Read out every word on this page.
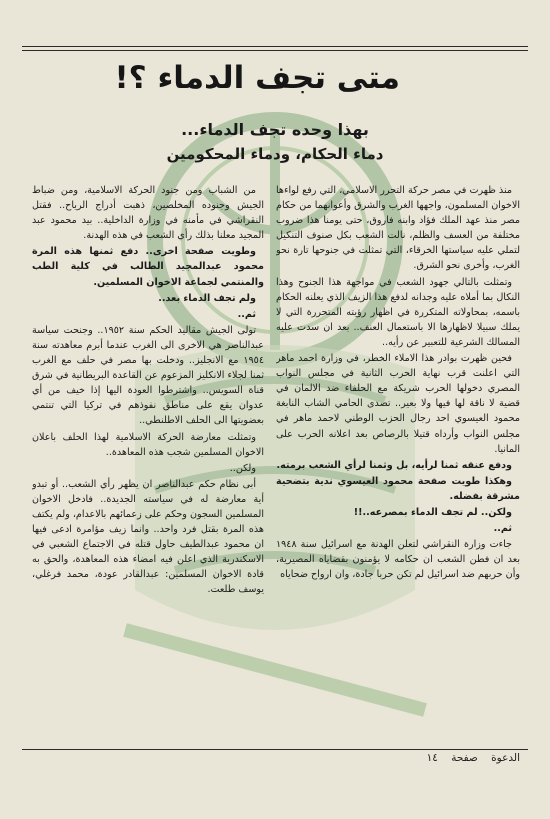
متى تجف الدماء ؟!
بهذا وحده تجف الدماء...
دماء الحكام، ودماء المحكومين

منذ ظهرت في مصر حركة التحرر الاسلامي، التي رفع لواءها الاخوان المسلمون، واجهها الغرب والشرق وأعوانهما من حكام مصر منذ عهد الملك فؤاد وابنه فاروق، حتى يومنا هذا ضروب مختلفة من العسف والظلم، نالت الشعب بكل صنوف التنكيل لتملي عليه سياستها الخرقاء، التي تمثلت في جنوحها تارة نحو الغرب، وأخرى نحو الشرق.

وتمثلت بالتالي جهود الشعب في مواجهة هذا الجنوح وهذا النكال بما أملاه عليه وجدانه لدفع هذا الزيف الذي يعلنه الحكام باسمه، بمحاولاته المتكررة في اظهار رؤيته المتحررة التي لا يملك سبيلا لاظهارها الا باستعمال العنف.. بعد ان سدت عليه المسالك الشرعية للتعبير عن رأيه..

فحين ظهرت بوادر هذا الاملاء الخطر، في وزارة احمد ماهر التي اعلنت قرب نهاية الحرب الثانية في مجلس النواب المصري دخولها الحرب شريكة مع الحلفاء ضد الالمان في قضية لا ناقة لها فيها ولا بعير.. تصدى الحامي الشاب النابغة محمود العيسوي احد رجال الحزب الوطني لاحمد ماهر في مجلس النواب وأرداه قتيلا بالرصاص بعد اعلانه الحرب على المانيا.

ودفع عنقه ثمنا لرأيه، بل وثمنا لرأي الشعب برمته.

وهكذا طويت صفحة محمود العيسوي ندية بتضحية مشرقة بفضله.

ولكن.. لم تجف الدماء بمصرعه..!!

ثم..

جاءت وزارة النقراشي لتعلن الهدنة مع اسرائيل سنة ١٩٤٨ بعد ان فطن الشعب ان حكامه لا يؤمنون بقضاياه المصيرية، وأن حربهم ضد اسرائيل لم تكن حربا جادة، وان ارواح ضحاياه

من الشباب ومن جنود الحركة الاسلامية، ومن ضباط الجيش وجنوده المخلصين، ذهبت أدراج الرياح.. فقتل النقراشي في مأمنه في وزارة الداخلية.. بيد محمود عبد المجيد معلنا بذلك رأي الشعب في هذه الهدنة.

وطويت صفحة اخرى.. دفع ثمنها هذه المرة محمود عبدالمجيد الطالب في كلية الطب والمنتمي لجماعة الاخوان المسلمين.

ولم تجف الدماء بعد..

ثم..

تولى الجيش مقاليد الحكم سنة ١٩٥٢.. وجنحت سياسة عبدالناصر هي الاخرى الى الغرب عندما أبرم معاهدته سنة ١٩٥٤ مع الانجليز.. ودخلت بها مصر في حلف مع الغرب ثمنا لجلاء الانكليز المزعوم عن القاعدة البريطانية في شرق قناة السويس.. واشترطوا العودة اليها إذا خيف من أي عدوان يقع على مناطق نفوذهم في تركيا التي تنتمي بعضويتها الى الحلف الاطلنطي..

وتمثلت معارضة الحركة الاسلامية لهذا الحلف باعلان الاخوان المسلمين شجب هذه المعاهدة..

ولكن..

أبى نظام حكم عبدالناصر ان يظهر رأي الشعب.. أو تبدو أية معارضة له في سياسته الجديدة.. فادخل الاخوان المسلمين السجون وحكم على زعمائهم بالاعدام، ولم يكتف هذه المرة بقتل فرد واحد.. وانما زيف مؤامرة ادعى فيها ان محمود عبدالطيف حاول قتله في الاجتماع الشعبي في الاسكندرية الذي اعلن فيه امضاء هذه المعاهدة، والحق به قادة الاخوان المسلمين: عبدالقادر عودة، محمد فرغلي، يوسف طلعت.

الدعوة صفحة ١٤
